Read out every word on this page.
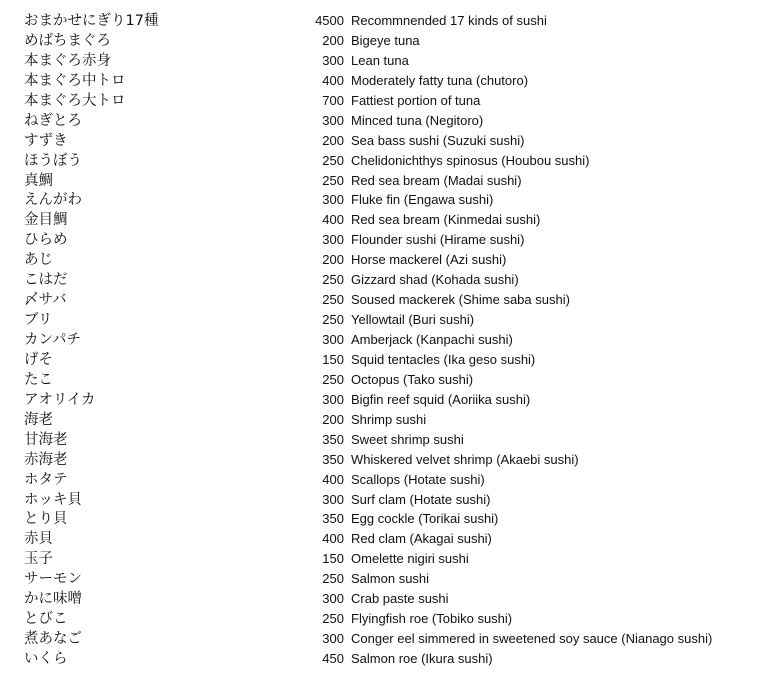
おまかせにぎり17種	4500 Recommnended 17 kinds of sushi
めばちまぐろ	200 Bigeye tuna
本まぐろ赤身	300 Lean tuna
本まぐろ中トロ	400 Moderately fatty tuna (chutoro)
本まぐろ大トロ	700 Fattiest portion of tuna
ねぎとろ	300 Minced tuna (Negitoro)
すずき	200 Sea bass sushi (Suzuki sushi)
ほうぼう	250 Chelidonichthys spinosus (Houbou sushi)
真鯛	250 Red sea bream (Madai sushi)
えんがわ	300 Fluke fin (Engawa sushi)
金目鯛	400 Red sea bream (Kinmedai sushi)
ひらめ	300 Flounder sushi (Hirame sushi)
あじ	200 Horse mackerel (Azi sushi)
こはだ	250 Gizzard shad (Kohada sushi)
〆サバ	250 Soused mackerek (Shime saba sushi)
ブリ	250 Yellowtail (Buri sushi)
カンパチ	300 Amberjack (Kanpachi sushi)
げそ	150 Squid tentacles (Ika geso sushi)
たこ	250 Octopus (Tako sushi)
アオリイカ	300 Bigfin reef squid (Aoriika sushi)
海老	200 Shrimp sushi
甘海老	350 Sweet shrimp sushi
赤海老	350 Whiskered velvet shrimp (Akaebi sushi)
ホタテ	400 Scallops (Hotate sushi)
ホッキ貝	300 Surf clam (Hotate sushi)
とり貝	350 Egg cockle (Torikai sushi)
赤貝	400 Red clam (Akagai sushi)
玉子	150 Omelette nigiri sushi
サーモン	250 Salmon sushi
かに味噌	300 Crab paste sushi
とびこ	250 Flyingfish roe (Tobiko sushi)
煮あなご	300 Conger eel simmered in sweetened soy sauce (Nianago sushi)
いくら	450 Salmon roe (Ikura sushi)
